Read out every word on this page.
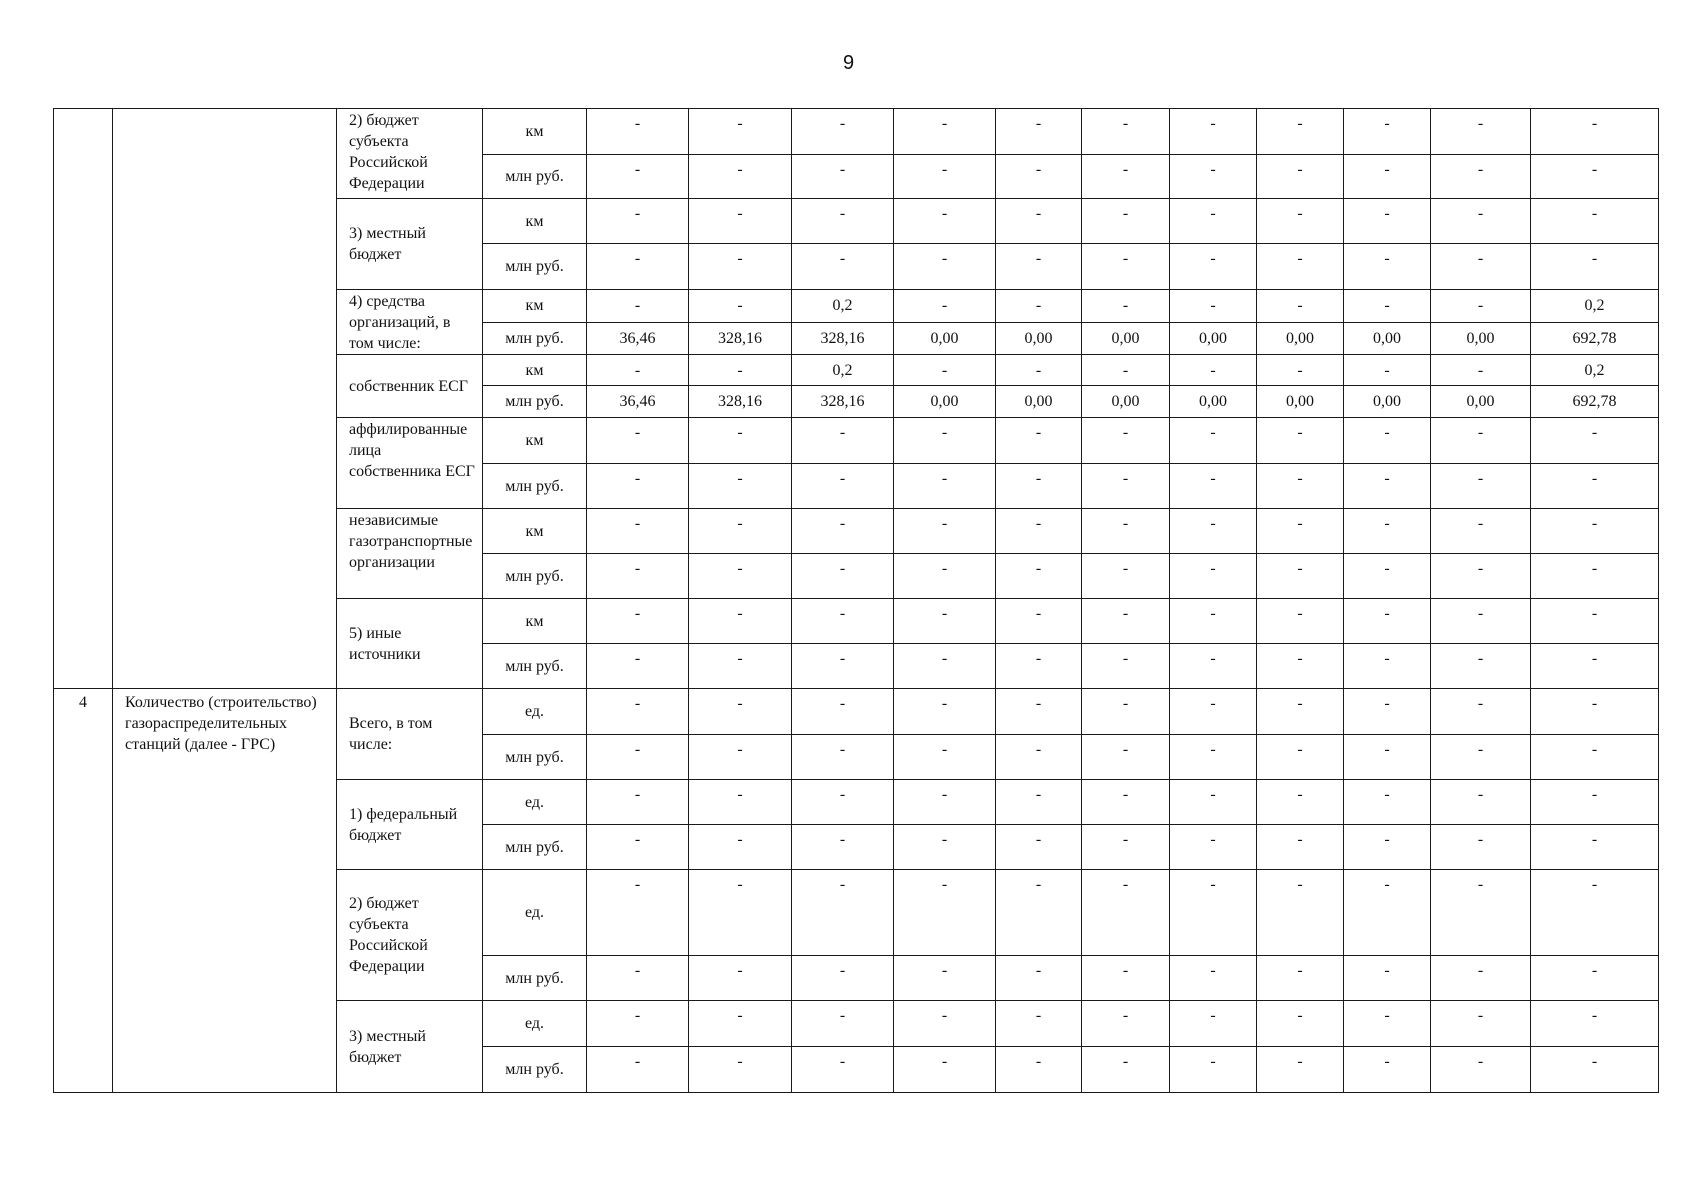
9
		2) бюджет субъекта Российской Федерации	км	-	-	-	-	-	-	-	-	-	-	-
			млн руб.	-	-	-	-	-	-	-	-	-	-	-
		3) местный бюджет	км	-	-	-	-	-	-	-	-	-	-	-
			млн руб.	-	-	-	-	-	-	-	-	-	-	-
		4) средства организаций, в том числе:	км	-	-	0,2	-	-	-	-	-	-	-	0,2
			млн руб.	36,46	328,16	328,16	0,00	0,00	0,00	0,00	0,00	0,00	0,00	692,78
		собственник ЕСГ	км	-	-	0,2	-	-	-	-	-	-	-	0,2
			млн руб.	36,46	328,16	328,16	0,00	0,00	0,00	0,00	0,00	0,00	0,00	692,78
		аффилированные лица собственника ЕСГ	км	-	-	-	-	-	-	-	-	-	-	-
			млн руб.	-	-	-	-	-	-	-	-	-	-	-
		независимые газотранспортные организации	км	-	-	-	-	-	-	-	-	-	-	-
			млн руб.	-	-	-	-	-	-	-	-	-	-	-
		5) иные источники	км	-	-	-	-	-	-	-	-	-	-	-
			млн руб.	-	-	-	-	-	-	-	-	-	-	-
4	Количество (строительство) газораспределительных станций (далее - ГРС)	Всего, в том числе:	ед.	-	-	-	-	-	-	-	-	-	-	-
			млн руб.	-	-	-	-	-	-	-	-	-	-	-
		1) федеральный бюджет	ед.	-	-	-	-	-	-	-	-	-	-	-
			млн руб.	-	-	-	-	-	-	-	-	-	-	-
		2) бюджет субъекта Российской Федерации	ед.	-	-	-	-	-	-	-	-	-	-	-
			млн руб.	-	-	-	-	-	-	-	-	-	-	-
		3) местный бюджет	ед.	-	-	-	-	-	-	-	-	-	-	-
			млн руб.	-	-	-	-	-	-	-	-	-	-	-
